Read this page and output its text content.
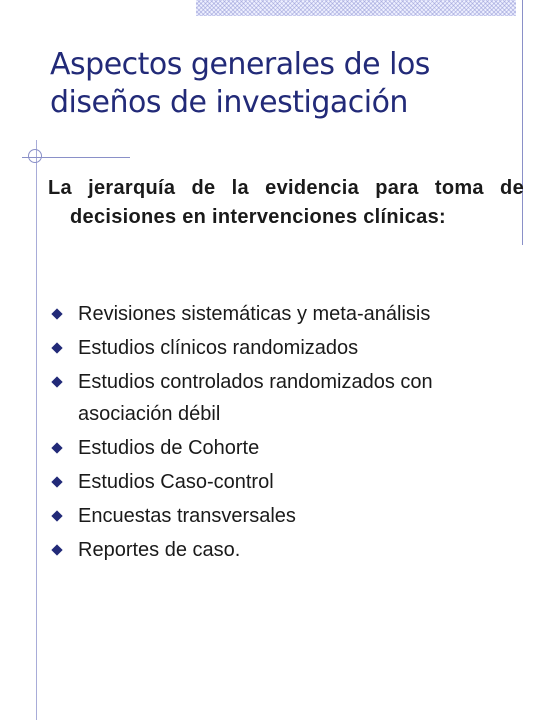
Aspectos generales de los
diseños de investigación
La jerarquía de la evidencia para toma de decisiones en intervenciones clínicas:
Revisiones sistemáticas y meta-análisis
Estudios clínicos randomizados
Estudios controlados randomizados con asociación débil
Estudios de Cohorte
Estudios Caso-control
Encuestas transversales
Reportes de caso.
